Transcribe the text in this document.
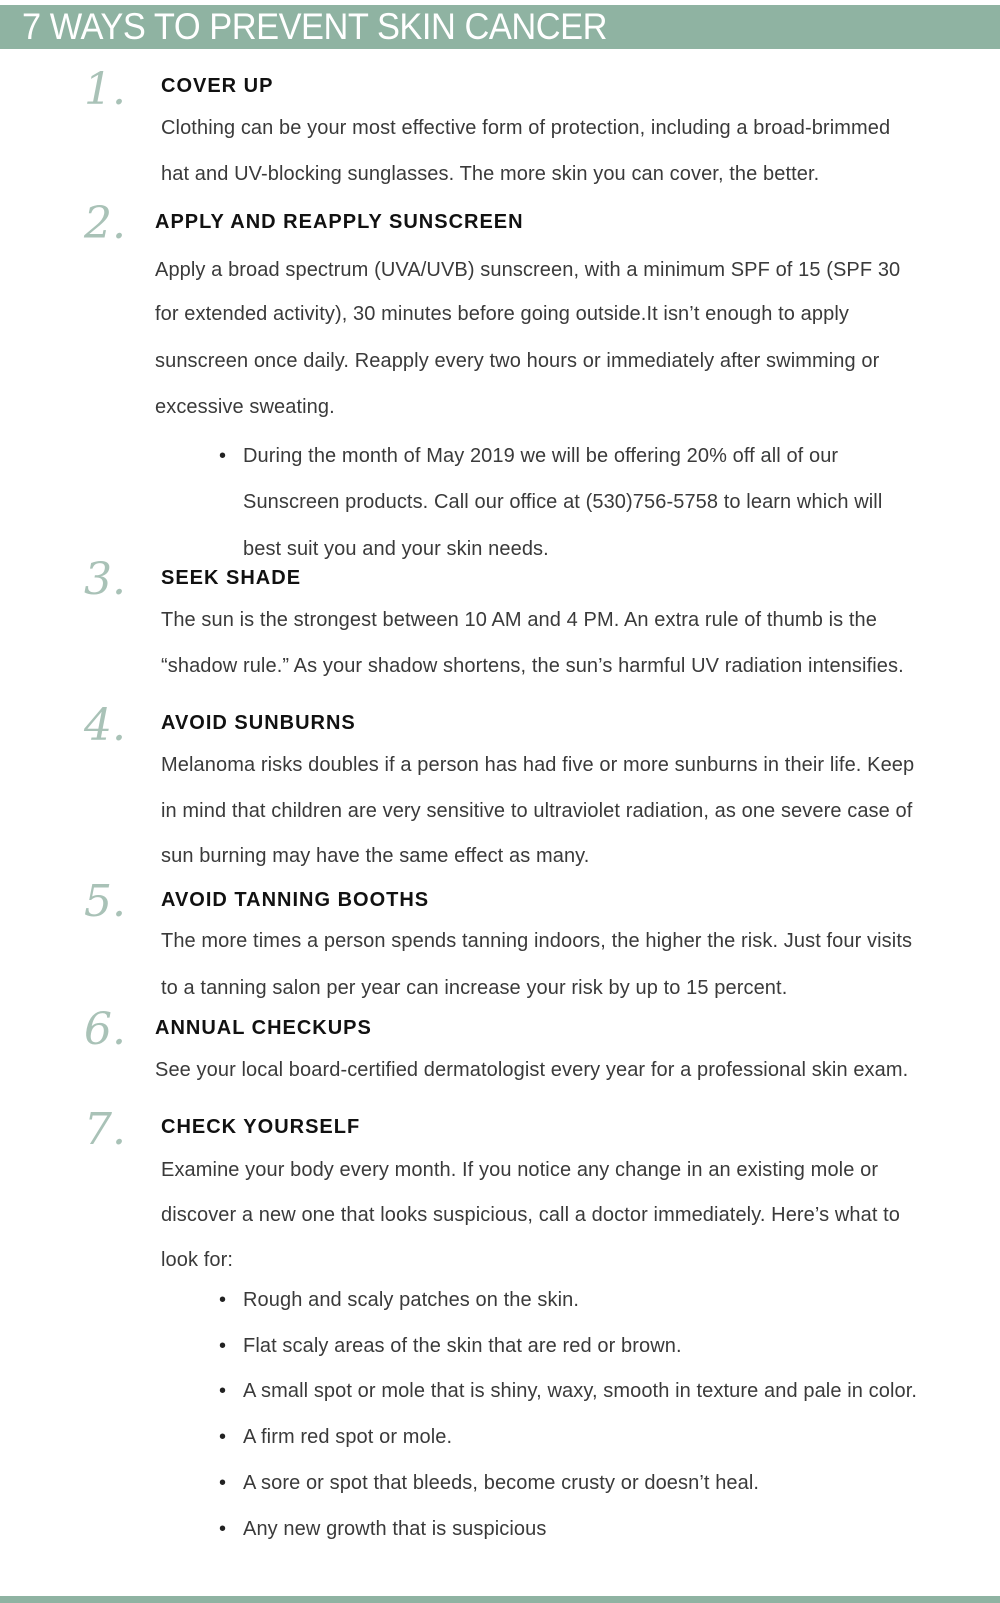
7 WAYS TO PREVENT SKIN CANCER
1. COVER UP
Clothing can be your most effective form of protection, including a broad-brimmed
hat and UV-blocking sunglasses. The more skin you can cover, the better.
2. APPLY AND REAPPLY SUNSCREEN
Apply a broad spectrum (UVA/UVB) sunscreen, with a minimum SPF of 15 (SPF 30
for extended activity), 30 minutes before going outside.It isn’t enough to apply
sunscreen once daily. Reapply every two hours or immediately after swimming or
excessive sweating.
• During the month of May 2019 we will be offering 20% off all of our
Sunscreen products. Call our office at (530)756-5758 to learn which will
best suit you and your skin needs.
3. SEEK SHADE
The sun is the strongest between 10 AM and 4 PM. An extra rule of thumb is the
“shadow rule.” As your shadow shortens, the sun’s harmful UV radiation intensifies.
4. AVOID SUNBURNS
Melanoma risks doubles if a person has had five or more sunburns in their life. Keep
in mind that children are very sensitive to ultraviolet radiation, as one severe case of
sun burning may have the same effect as many.
5. AVOID TANNING BOOTHS
The more times a person spends tanning indoors, the higher the risk. Just four visits
to a tanning salon per year can increase your risk by up to 15 percent.
6. ANNUAL CHECKUPS
See your local board-certified dermatologist every year for a professional skin exam.
7. CHECK YOURSELF
Examine your body every month. If you notice any change in an existing mole or
discover a new one that looks suspicious, call a doctor immediately. Here’s what to
look for:
• Rough and scaly patches on the skin.
• Flat scaly areas of the skin that are red or brown.
• A small spot or mole that is shiny, waxy, smooth in texture and pale in color.
• A firm red spot or mole.
• A sore or spot that bleeds, become crusty or doesn’t heal.
• Any new growth that is suspicious
